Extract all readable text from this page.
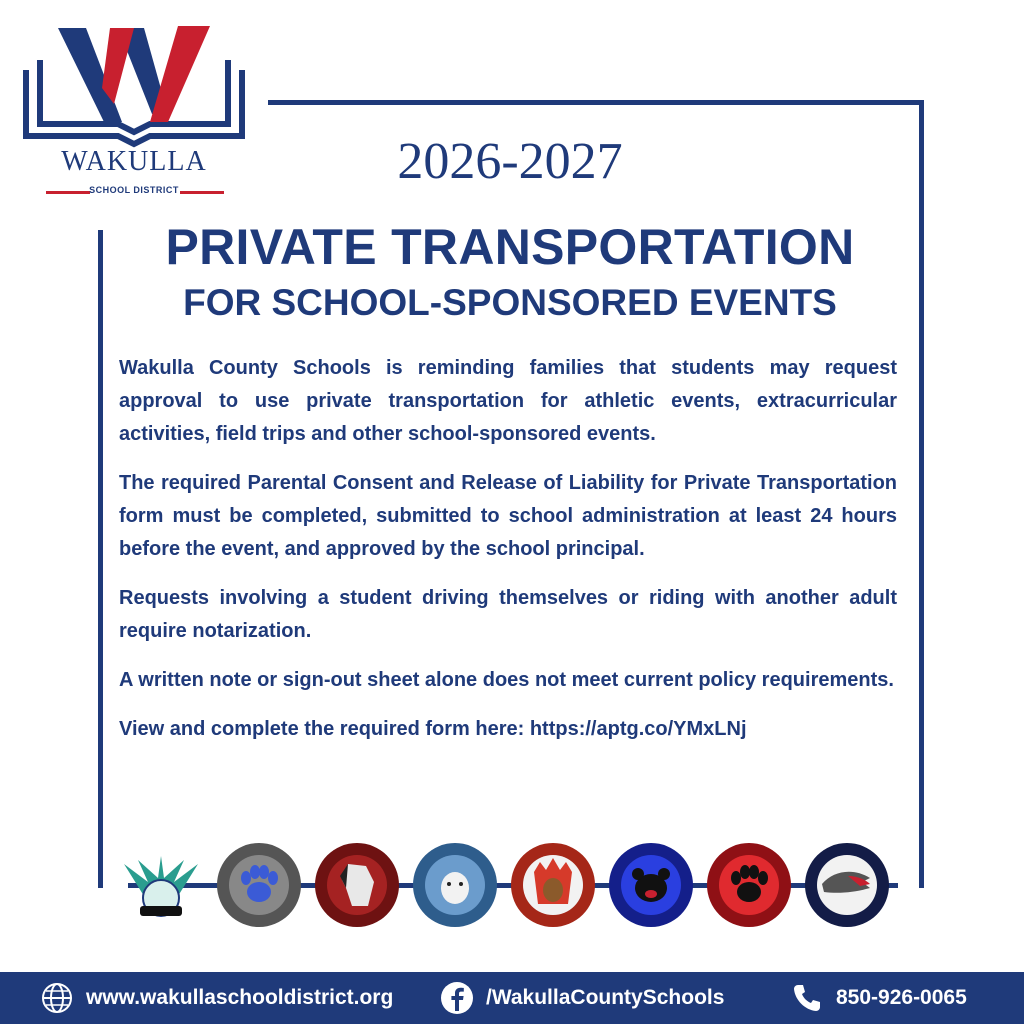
WAKULLA
SCHOOL DISTRICT	2026-2027
PRIVATE TRANSPORTATION
FOR SCHOOL-SPONSORED EVENTS

Wakulla County Schools is reminding families that students may request approval to use private transportation for athletic events, extracurricular activities, field trips and other school-sponsored events.

The required Parental Consent and Release of Liability for Private Transportation form must be completed, submitted to school administration at least 24 hours before the event, and approved by the school principal.

Requests involving a student driving themselves or riding with another adult require notarization.

A written note or sign-out sheet alone does not meet current policy requirements.

View and complete the required form here: https://aptg.co/YMxLNj

www.wakullaschooldistrict.org	/WakullaCountySchools	850-926-0065
